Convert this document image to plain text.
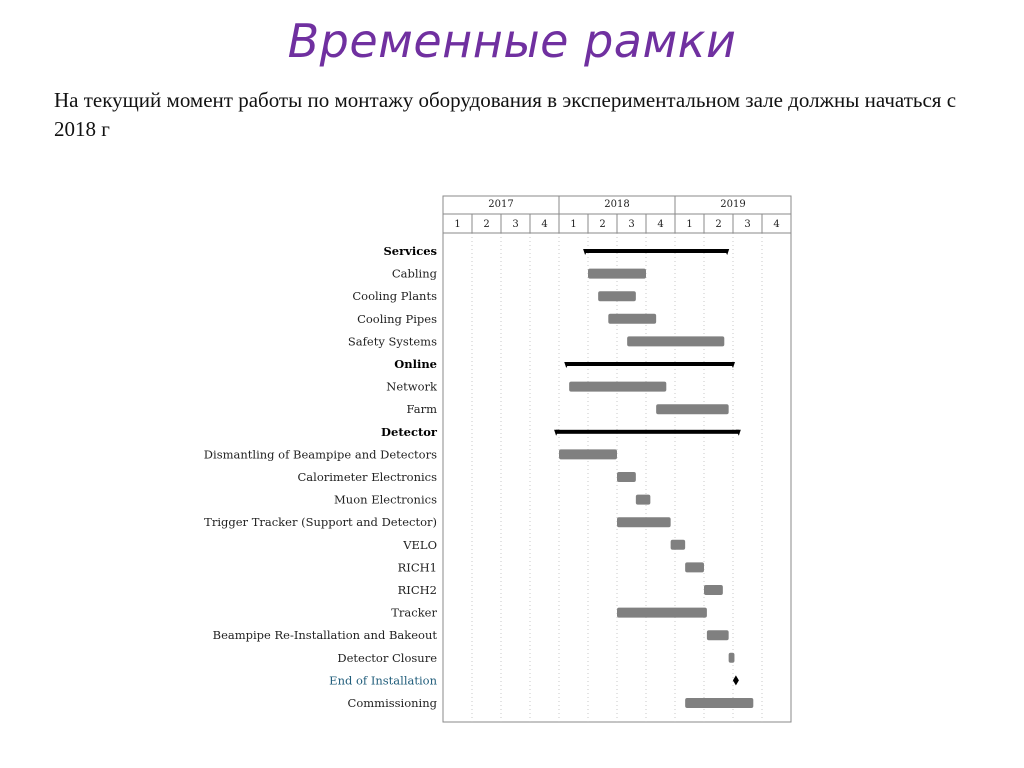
Временные рамки
На текущий момент работы по монтажу оборудования в экспериментальном зале должны начаться с 2018 г
2017	2018	2019
1 2 3 4 1 2 3 4 1 2 3 4
Services
Cabling
Cooling Plants
Cooling Pipes
Safety Systems
Online
Network
Farm
Detector
Dismantling of Beampipe and Detectors
Calorimeter Electronics
Muon Electronics
Trigger Tracker (Support and Detector)
VELO
RICH1
RICH2
Tracker
Beampipe Re-Installation and Bakeout
Detector Closure
End of Installation
Commissioning
